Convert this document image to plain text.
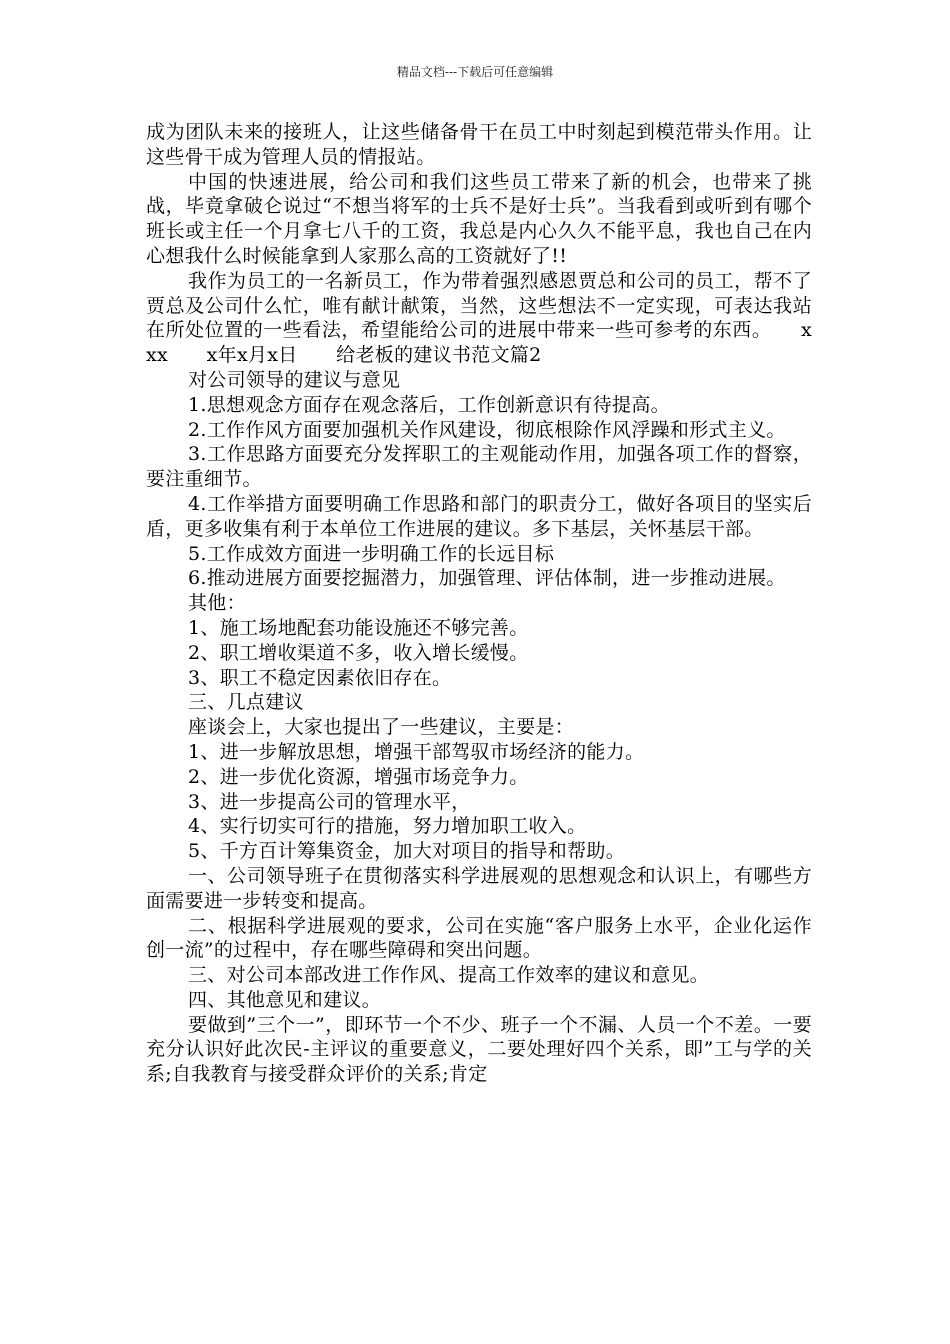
精品文档---下载后可任意编辑

成为团队未来的接班人，让这些储备骨干在员工中时刻起到模范带头作用。让这些骨干成为管理人员的情报站。

中国的快速进展，给公司和我们这些员工带来了新的机会，也带来了挑战，毕竟拿破仑说过“不想当将军的士兵不是好士兵”。当我看到或听到有哪个班长或主任一个月拿七八千的工资，我总是内心久久不能平息，我也自己在内心想我什么时候能拿到人家那么高的工资就好了!!

我作为员工的一名新员工，作为带着强烈感恩贾总和公司的员工，帮不了贾总及公司什么忙，唯有献计献策，当然，这些想法不一定实现，可表达我站在所处位置的一些看法，希望能给公司的进展中带来一些可参考的东西。　　xxx　　x年x月x日　　给老板的建议书范文篇2

对公司领导的建议与意见

1.思想观念方面存在观念落后，工作创新意识有待提高。

2.工作作风方面要加强机关作风建设，彻底根除作风浮躁和形式主义。

3.工作思路方面要充分发挥职工的主观能动作用，加强各项工作的督察，要注重细节。

4.工作举措方面要明确工作思路和部门的职责分工，做好各项目的坚实后盾，更多收集有利于本单位工作进展的建议。多下基层，关怀基层干部。

5.工作成效方面进一步明确工作的长远目标

6.推动进展方面要挖掘潜力，加强管理、评估体制，进一步推动进展。

其他：

1、施工场地配套功能设施还不够完善。

2、职工增收渠道不多，收入增长缓慢。

3、职工不稳定因素依旧存在。

三、几点建议

座谈会上，大家也提出了一些建议，主要是：

1、进一步解放思想，增强干部驾驭市场经济的能力。

2、进一步优化资源，增强市场竞争力。

3、进一步提高公司的管理水平，

4、实行切实可行的措施，努力增加职工收入。

5、千方百计筹集资金，加大对项目的指导和帮助。

一、公司领导班子在贯彻落实科学进展观的思想观念和认识上，有哪些方面需要进一步转变和提高。

二、根据科学进展观的要求，公司在实施“客户服务上水平，企业化运作创一流”的过程中，存在哪些障碍和突出问题。

三、对公司本部改进工作作风、提高工作效率的建议和意见。

四、其他意见和建议。

要做到”三个一”，即环节一个不少、班子一个不漏、人员一个不差。一要充分认识好此次民-主评议的重要意义，二要处理好四个关系，即”工与学的关系;自我教育与接受群众评价的关系;肯定
